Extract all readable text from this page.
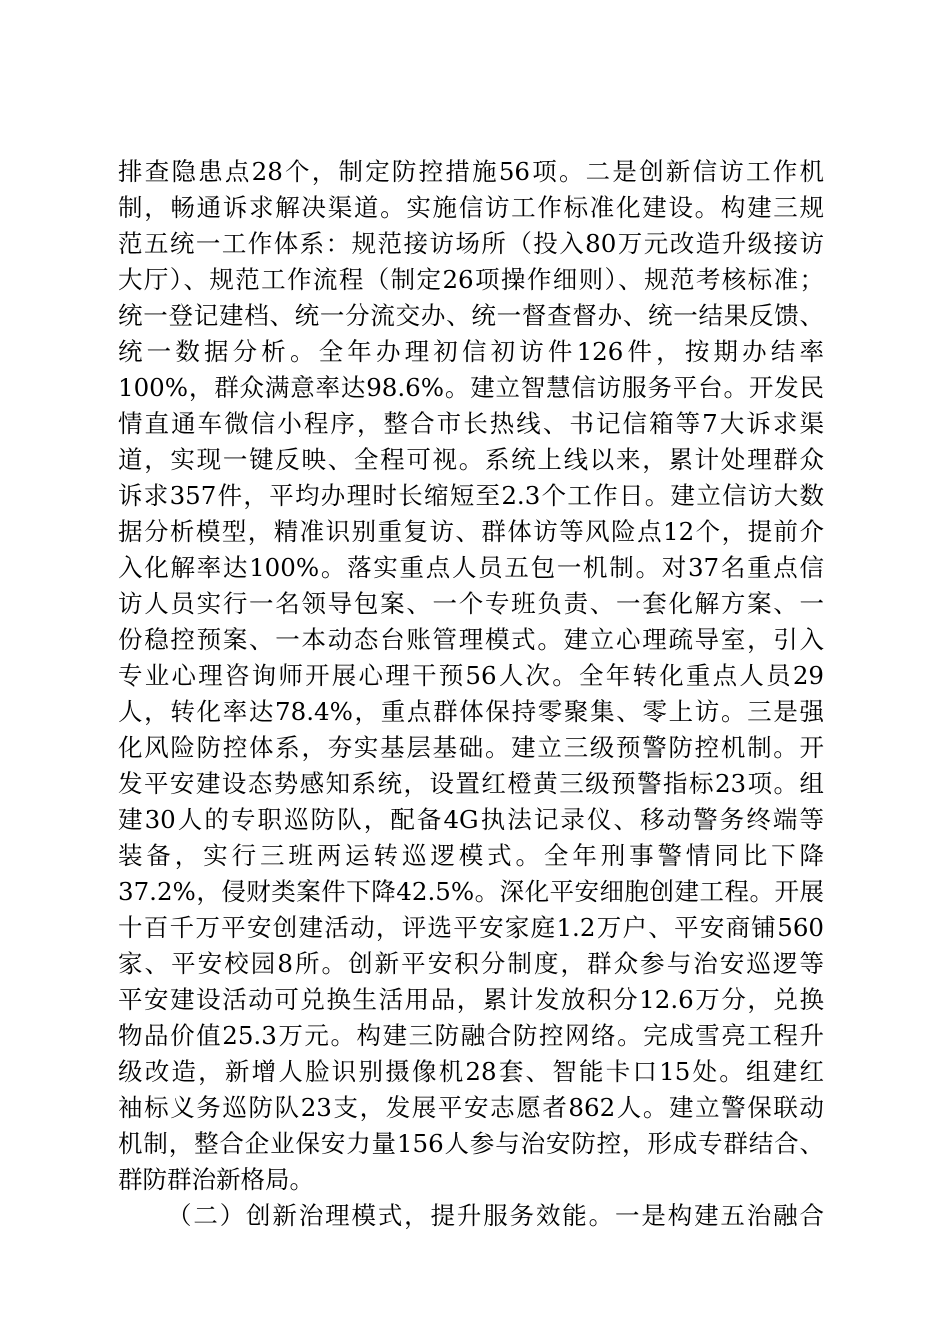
排查隐患点28个，制定防控措施56项。二是创新信访工作机
制，畅通诉求解决渠道。实施信访工作标准化建设。构建三规
范五统一工作体系：规范接访场所（投入80万元改造升级接访
大厅）、规范工作流程（制定26项操作细则）、规范考核标准；
统一登记建档、统一分流交办、统一督查督办、统一结果反馈、
统一数据分析。全年办理初信初访件126件，按期办结率
100%，群众满意率达98.6%。建立智慧信访服务平台。开发民
情直通车微信小程序，整合市长热线、书记信箱等7大诉求渠
道，实现一键反映、全程可视。系统上线以来，累计处理群众
诉求357件，平均办理时长缩短至2.3个工作日。建立信访大数
据分析模型，精准识别重复访、群体访等风险点12个，提前介
入化解率达100%。落实重点人员五包一机制。对37名重点信
访人员实行一名领导包案、一个专班负责、一套化解方案、一
份稳控预案、一本动态台账管理模式。建立心理疏导室，引入
专业心理咨询师开展心理干预56人次。全年转化重点人员29
人，转化率达78.4%，重点群体保持零聚集、零上访。三是强
化风险防控体系，夯实基层基础。建立三级预警防控机制。开
发平安建设态势感知系统，设置红橙黄三级预警指标23项。组
建30人的专职巡防队，配备4G执法记录仪、移动警务终端等
装备，实行三班两运转巡逻模式。全年刑事警情同比下降
37.2%，侵财类案件下降42.5%。深化平安细胞创建工程。开展
十百千万平安创建活动，评选平安家庭1.2万户、平安商铺560
家、平安校园8所。创新平安积分制度，群众参与治安巡逻等
平安建设活动可兑换生活用品，累计发放积分12.6万分，兑换
物品价值25.3万元。构建三防融合防控网络。完成雪亮工程升
级改造，新增人脸识别摄像机28套、智能卡口15处。组建红
袖标义务巡防队23支，发展平安志愿者862人。建立警保联动
机制，整合企业保安力量156人参与治安防控，形成专群结合、
群防群治新格局。
（二）创新治理模式，提升服务效能。一是构建五治融合
